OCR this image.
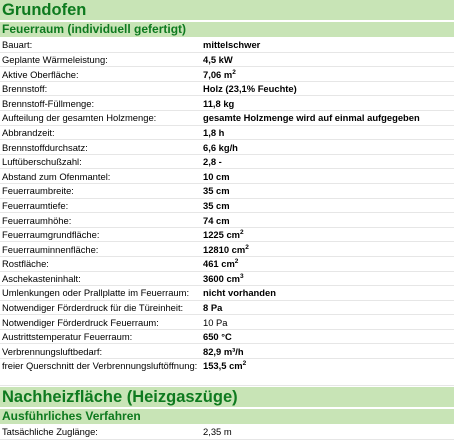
Grundofen
Feuerraum (individuell gefertigt)
Bauart:	mittelschwer
Geplante Wärmeleistung:	4,5 kW
Aktive Oberfläche:	7,06 $m^2$
Brennstoff:	Holz (23,1% Feuchte)
Brennstoff-Füllmenge:	11,8 kg
Aufteilung der gesamten Holzmenge:	gesamte Holzmenge wird auf einmal aufgegeben
Abbrandzeit:	1,8 h
Brennstoffdurchsatz:	6,6 kg/h
Luftüberschußzahl:	2,8 -
Abstand zum Ofenmantel:	10 cm
Feuerraumbreite:	35 cm
Feuerraumtiefe:	35 cm
Feuerraumhöhe:	74 cm
Feuerraumgrundfläche:	1225 $cm^2$
Feuerrauminnenfläche:	12810 $cm^2$
Rostfläche:	461 $cm^2$
Aschekasteninhalt:	3600 $cm^3$
Umlenkungen oder Prallplatte im Feuerraum:	nicht vorhanden
Notwendiger Förderdruck für die Türeinheit:	8 Pa
Notwendiger Förderdruck Feuerraum:	10 Pa
Austrittstemperatur Feuerraum:	650 °C
Verbrennungsluftbedarf:	82,9 m³/h
freier Querschnitt der Verbrennungsluftöffnung: 153,5 $cm^2$
Nachheizfläche (Heizgaszüge)
Ausführliches Verfahren
Tatsächliche Zuglänge:	2,35 m
